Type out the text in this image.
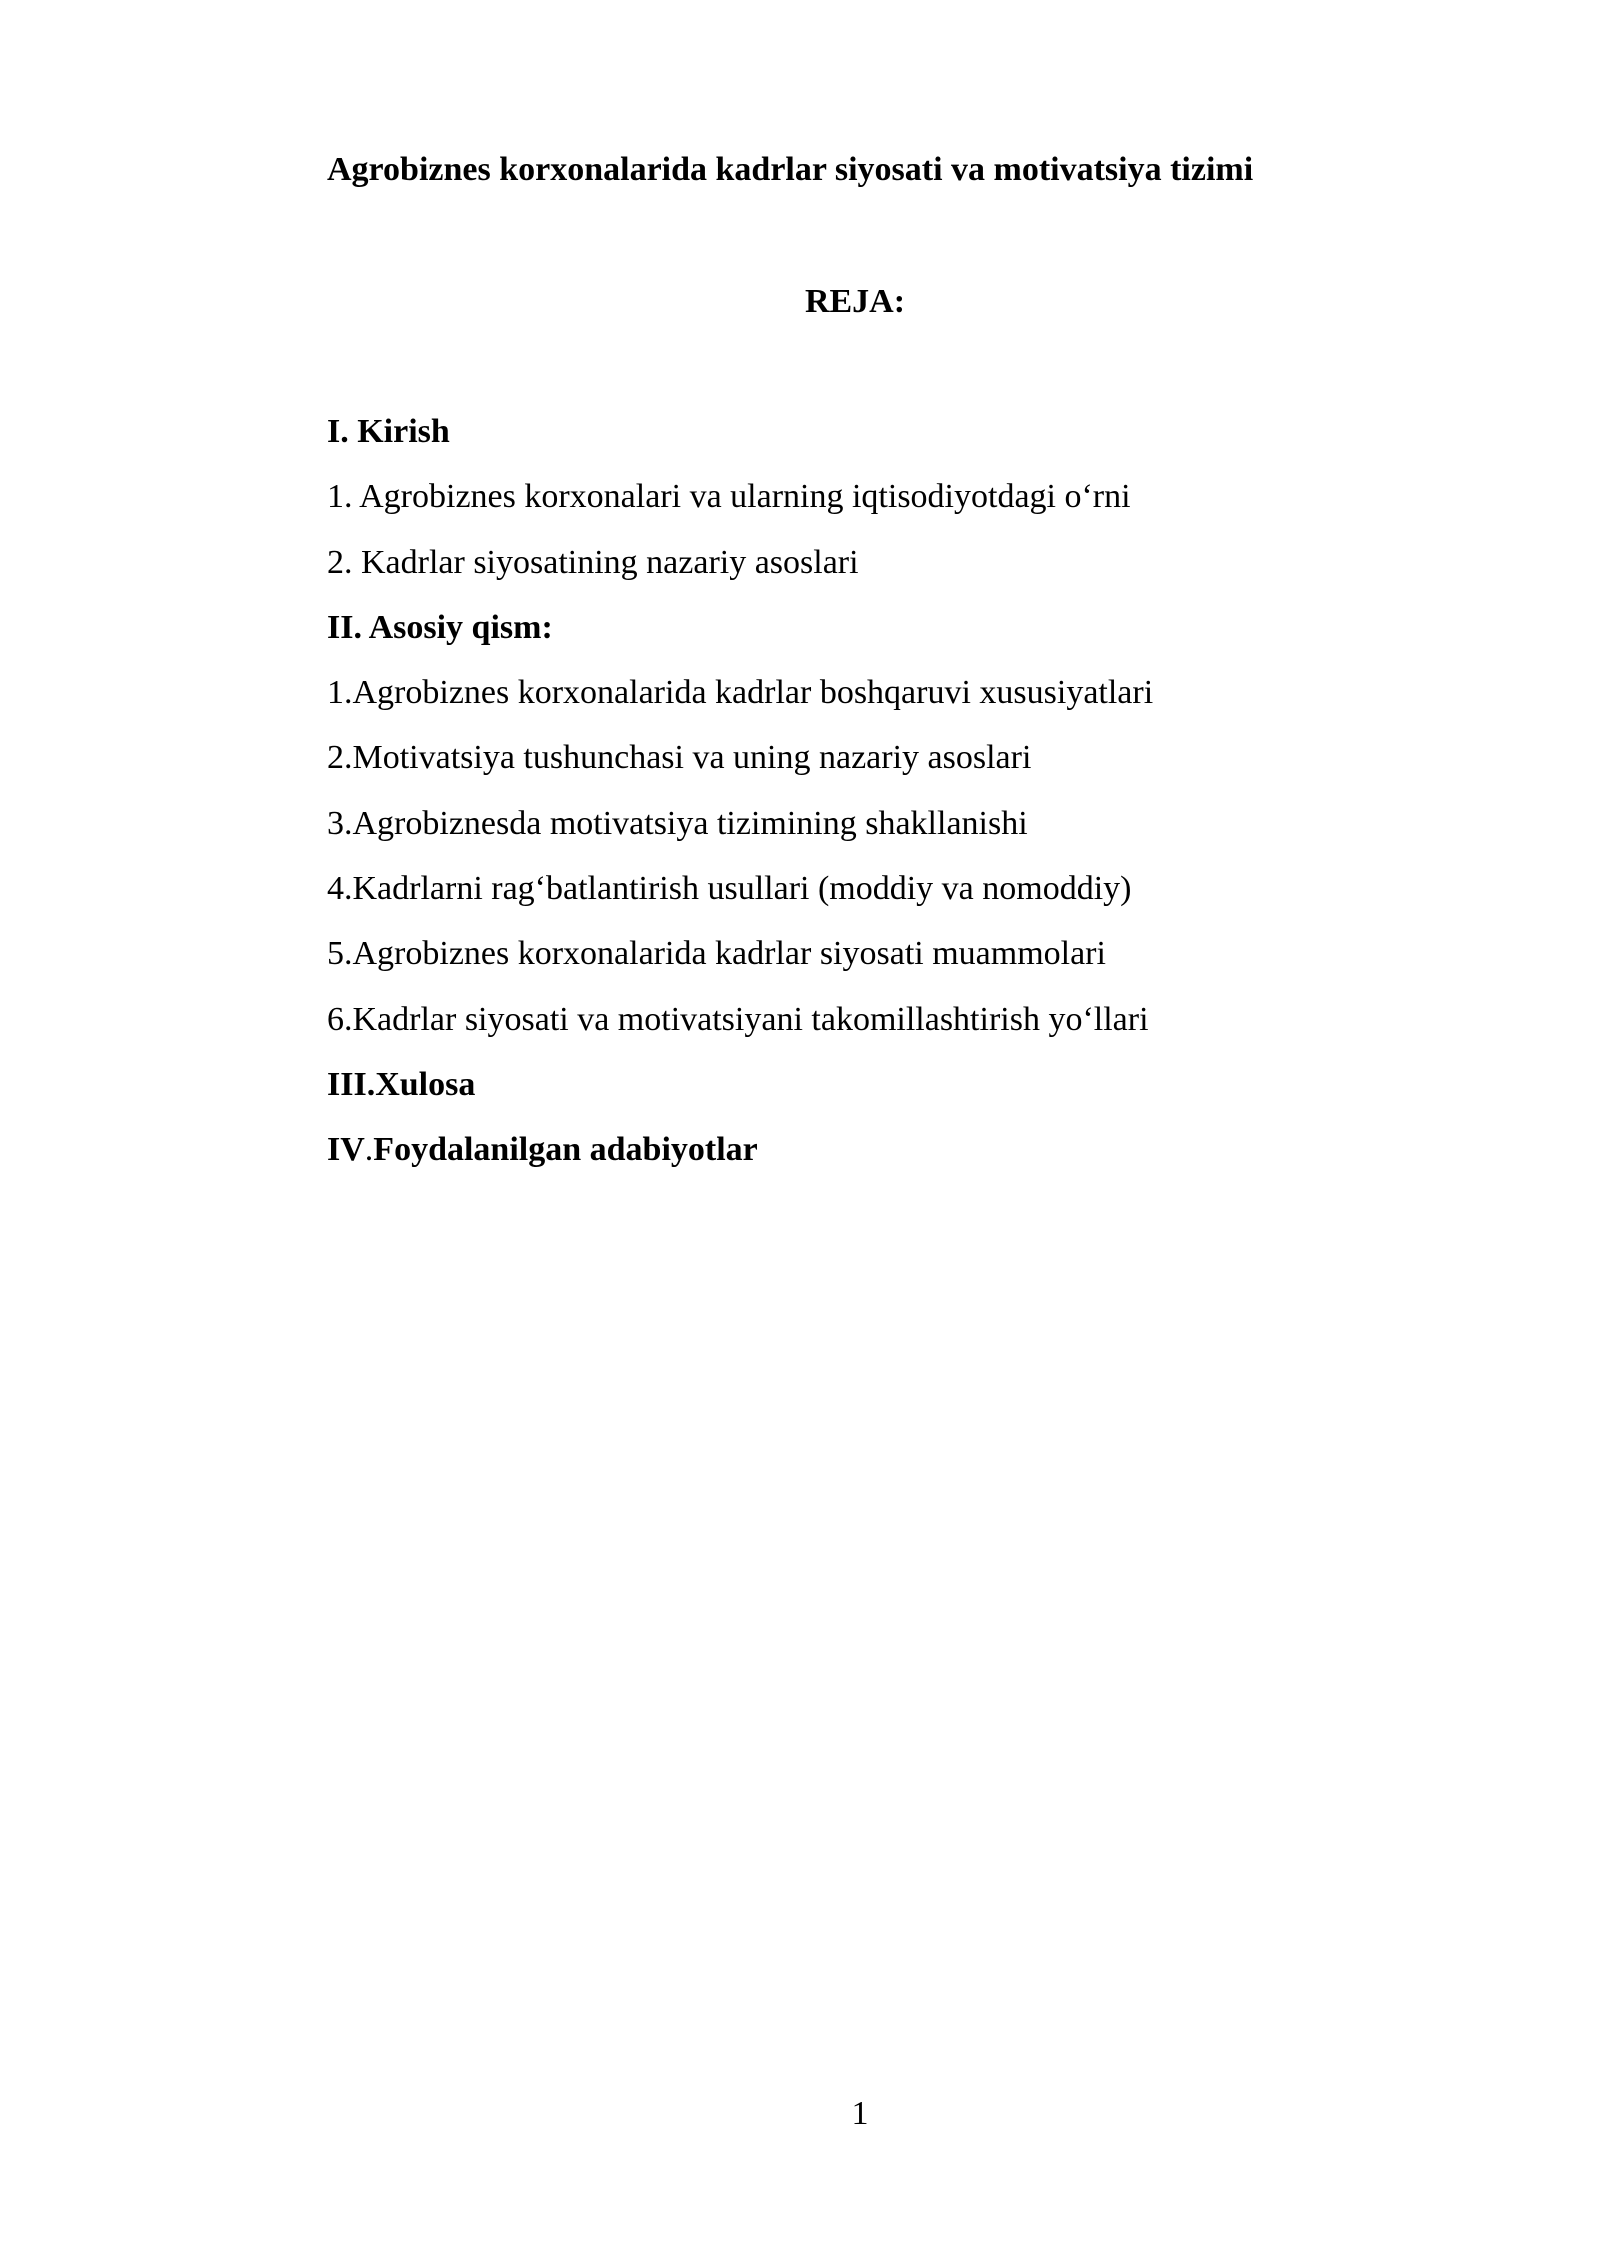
Agrobiznes korxonalarida kadrlar siyosati va motivatsiya tizimi
REJA:
I. Kirish
1. Agrobiznes korxonalari va ularning iqtisodiyotdagi o‘rni
2. Kadrlar siyosatining nazariy asoslari
II. Asosiy qism:
1.Agrobiznes korxonalarida kadrlar boshqaruvi xususiyatlari
2.Motivatsiya tushunchasi va uning nazariy asoslari
3.Agrobiznesda motivatsiya tizimining shakllanishi
4.Kadrlarni rag‘batlantirish usullari (moddiy va nomoddiy)
5.Agrobiznes korxonalarida kadrlar siyosati muammolari
6.Kadrlar siyosati va motivatsiyani takomillashtirish yo‘llari
III.Xulosa
IV.Foydalanilgan adabiyotlar
1
